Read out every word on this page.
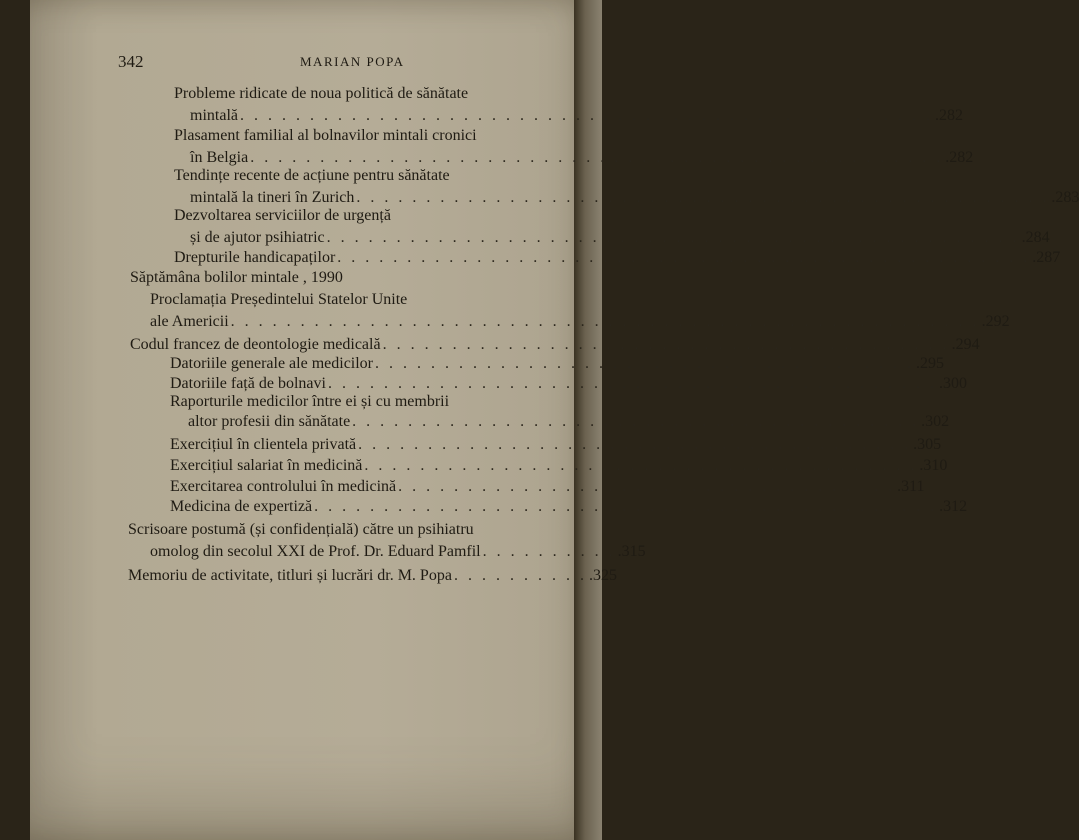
342	MARIAN POPA
Probleme ridicate de noua politică de sănătate
mintală . . . . . . . . . . . . . . . . . . . . . . . . . . . . . . . . . . . . . . . . . . . . . . . . . . .282
Plasament familial al bolnavilor mintali cronici
în Belgia . . . . . . . . . . . . . . . . . . . . . . . . . . . . . . . . . . . . . . . . . . . . . . . . . . .282
Tendințe recente de acțiune pentru sănătate
mintală la tineri în Zurich . . . . . . . . . . . . . . . . . . . . . . . . . . . . . . . . . . . . . . . . . . . . . . . . . . .283
Dezvoltarea serviciilor de urgență
și de ajutor psihiatric . . . . . . . . . . . . . . . . . . . . . . . . . . . . . . . . . . . . . . . . . . . . . . . . . . .284
Drepturile handicapaților . . . . . . . . . . . . . . . . . . . . . . . . . . . . . . . . . . . . . . . . . . . . . . . . . . .287
Săptămâna bolilor mintale , 1990
Proclamația Președintelui Statelor Unite
ale Americii . . . . . . . . . . . . . . . . . . . . . . . . . . . . . . . . . . . . . . . . . . . . . . . . . . . . . . .292
Codul francez de deontologie medicală . . . . . . . . . . . . . . . . . . . . . . . . . . . . . . . . . . . . . . . . . .294
Datoriile generale ale medicilor . . . . . . . . . . . . . . . . . . . . . . . . . . . . . . . . . . . . . . . .295
Datoriile față de bolnavi . . . . . . . . . . . . . . . . . . . . . . . . . . . . . . . . . . . . . . . . . . . . .300
Raporturile medicilor între ei și cu membrii
altor profesii din sănătate . . . . . . . . . . . . . . . . . . . . . . . . . . . . . . . . . . . . . . . . . .302
Exercițiul în clientela privată . . . . . . . . . . . . . . . . . . . . . . . . . . . . . . . . . . . . . . . . .305
Exercițiul salariat în medicină . . . . . . . . . . . . . . . . . . . . . . . . . . . . . . . . . . . . . . . . .310
Exercitarea controlului în medicină . . . . . . . . . . . . . . . . . . . . . . . . . . . . . . . . . . . . .311
Medicina de expertiză . . . . . . . . . . . . . . . . . . . . . . . . . . . . . . . . . . . . . . . . . . . . . .312
Scrisoare postumă (și confidențială) către un psihiatru
omolog din secolul XXI de Prof. Dr. Eduard Pamfil . . . . . . . . . . .315
Memoriu de activitate, titluri și lucrări dr. M. Popa . . . . . . . . . . .325
